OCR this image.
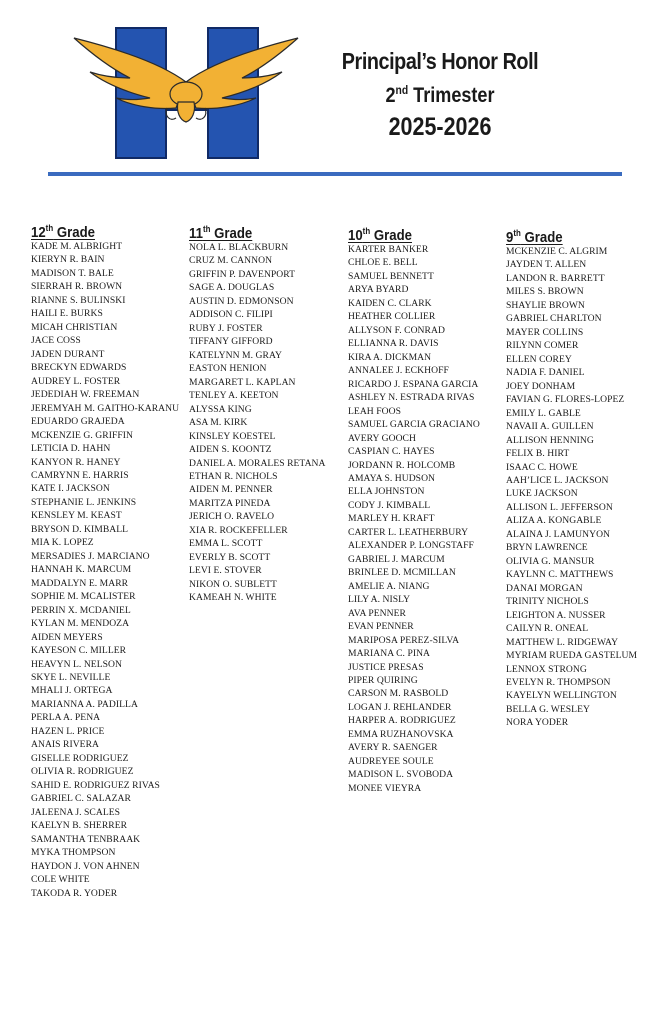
Principal’s Honor Roll
2nd Trimester
2025-2026
12th Grade
KADE M. ALBRIGHT
KIERYN R. BAIN
MADISON T. BALE
SIERRAH R. BROWN
RIANNE S. BULINSKI
HAILI E. BURKS
MICAH CHRISTIAN
JACE COSS
JADEN DURANT
BRECKYN EDWARDS
AUDREY L. FOSTER
JEDEDIAH W. FREEMAN
JEREMYAH M. GAITHO-KARANU
EDUARDO GRAJEDA
MCKENZIE G. GRIFFIN
LETICIA D. HAHN
KANYON R. HANEY
CAMRYNN E. HARRIS
KATE I. JACKSON
STEPHANIE L. JENKINS
KENSLEY M. KEAST
BRYSON D. KIMBALL
MIA K. LOPEZ
MERSADIES J. MARCIANO
HANNAH K. MARCUM
MADDALYN E. MARR
SOPHIE M. MCALISTER
PERRIN X. MCDANIEL
KYLAN M. MENDOZA
AIDEN MEYERS
KAYESON C. MILLER
HEAVYN L. NELSON
SKYE L. NEVILLE
MHALI J. ORTEGA
MARIANNA A. PADILLA
PERLA A. PENA
HAZEN L. PRICE
ANAIS RIVERA
GISELLE RODRIGUEZ
OLIVIA R. RODRIGUEZ
SAHID E. RODRIGUEZ RIVAS
GABRIEL C. SALAZAR
JALEENA J. SCALES
KAELYN B. SHERRER
SAMANTHA TENBRAAK
MYKA THOMPSON
HAYDON J. VON AHNEN
COLE WHITE
TAKODA R. YODER
11th Grade
NOLA L. BLACKBURN
CRUZ M. CANNON
GRIFFIN P. DAVENPORT
SAGE A. DOUGLAS
AUSTIN D. EDMONSON
ADDISON C. FILIPI
RUBY J. FOSTER
TIFFANY GIFFORD
KATELYNN M. GRAY
EASTON HENION
MARGARET L. KAPLAN
TENLEY A. KEETON
ALYSSA KING
ASA M. KIRK
KINSLEY KOESTEL
AIDEN S. KOONTZ
DANIEL A. MORALES RETANA
ETHAN R. NICHOLS
AIDEN M. PENNER
MARITZA PINEDA
JERICH O. RAVELO
XIA R. ROCKEFELLER
EMMA L. SCOTT
EVERLY B. SCOTT
LEVI E. STOVER
NIKON O. SUBLETT
KAMEAH N. WHITE
10th Grade
KARTER BANKER
CHLOE E. BELL
SAMUEL BENNETT
ARYA BYARD
KAIDEN C. CLARK
HEATHER COLLIER
ALLYSON F. CONRAD
ELLIANNA R. DAVIS
KIRA A. DICKMAN
ANNALEE J. ECKHOFF
RICARDO J. ESPANA GARCIA
ASHLEY N. ESTRADA RIVAS
LEAH FOOS
SAMUEL GARCIA GRACIANO
AVERY GOOCH
CASPIAN C. HAYES
JORDANN R. HOLCOMB
AMAYA S. HUDSON
ELLA JOHNSTON
CODY J. KIMBALL
MARLEY H. KRAFT
CARTER L. LEATHERBURY
ALEXANDER P. LONGSTAFF
GABRIEL J. MARCUM
BRINLEE D. MCMILLAN
AMELIE A. NIANG
LILY A. NISLY
AVA PENNER
EVAN PENNER
MARIPOSA PEREZ-SILVA
MARIANA C. PINA
JUSTICE PRESAS
PIPER QUIRING
CARSON M. RASBOLD
LOGAN J. REHLANDER
HARPER A. RODRIGUEZ
EMMA RUZHANOVSKA
AVERY R. SAENGER
AUDREYEE SOULE
MADISON L. SVOBODA
MONEE VIEYRA
9th Grade
MCKENZIE C. ALGRIM
JAYDEN T. ALLEN
LANDON R. BARRETT
MILES S. BROWN
SHAYLIE BROWN
GABRIEL CHARLTON
MAYER COLLINS
RILYNN COMER
ELLEN COREY
NADIA F. DANIEL
JOEY DONHAM
FAVIAN G. FLORES-LOPEZ
EMILY L. GABLE
NAVAII A. GUILLEN
ALLISON HENNING
FELIX B. HIRT
ISAAC C. HOWE
AAH’LICE L. JACKSON
LUKE JACKSON
ALLISON L. JEFFERSON
ALIZA A. KONGABLE
ALAINA J. LAMUNYON
BRYN LAWRENCE
OLIVIA G. MANSUR
KAYLNN C. MATTHEWS
DANAI MORGAN
TRINITY NICHOLS
LEIGHTON A. NUSSER
CAILYN R. ONEAL
MATTHEW L. RIDGEWAY
MYRIAM RUEDA GASTELUM
LENNOX STRONG
EVELYN R. THOMPSON
KAYELYN WELLINGTON
BELLA G. WESLEY
NORA YODER
